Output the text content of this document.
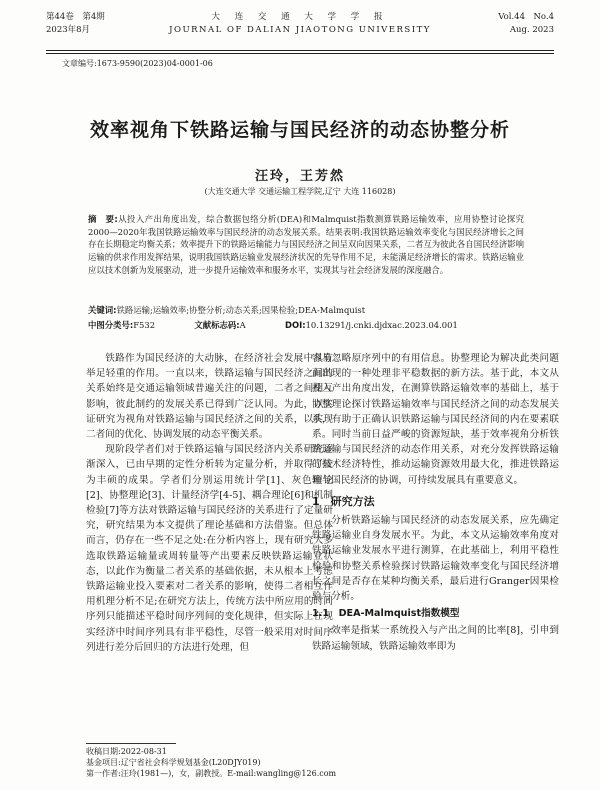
第44卷　第4期
2023年8月
大 连 交 通 大 学 学 报
JOURNAL OF DALIAN JIAOTONG UNIVERSITY
Vol.44　No.4
Aug. 2023
文章编号:1673-9590(2023)04-0001-06
效率视角下铁路运输与国民经济的动态协整分析
汪玲，王芳然
(大连交通大学 交通运输工程学院,辽宁 大连 116028)
摘　要:从投入产出角度出发，综合数据包络分析(DEA)和Malmquist指数测算铁路运输效率，应用协整讨论探究2000—2020年我国铁路运输效率与国民经济的动态发展关系。结果表明:我国铁路运输效率变化与国民经济增长之间存在长期稳定均衡关系；效率提升下的铁路运输能力与国民经济之间呈双向因果关系，二者互为彼此各自国民经济影响运输的供求作用发挥结果，说明我国铁路运输业发展经济状况的先导作用不足，未能满足经济增长的需求。铁路运输业应以技术创新为发展驱动，进一步提升运输效率和服务水平，实现其与社会经济发展的深度融合。
关键词:铁路运输;运输效率;协整分析;动态关系;因果检验;DEA-Malmquist
中图分类号:F532	文献标志码:A	DOI:10.13291/j.cnki.djdxac.2023.04.001

铁路作为国民经济的大动脉，在经济社会发展中具有举足轻重的作用。一直以来，铁路运输与国民经济之间的关系始终是交通运输领域普遍关注的问题，二者之间相互影响，彼此制约的发展关系已得到广泛认同。为此，以实证研究为视角对铁路运输与国民经济之间的关系，以实现二者间的优化、协调发展的动态平衡关系。

现阶段学者们对于铁路运输与国民经济内关系研究逐渐深入，已由早期的定性分析转为定量分析，并取得了较为丰硕的成果。学者们分别运用统计学[1]、灰色理论[2]、协整理论[3]、计量经济学[4-5]、耦合理论[6]和机制检验[7]等方法对铁路运输与国民经济的关系进行了定量研究，研究结果为本文提供了理论基础和方法借鉴。但总体而言，仍存在一些不足之处:在分析内容上，现有研究大多选取铁路运输量或周转量等产出要素反映铁路运输业状态，以此作为衡量二者关系的基础依据，未从根本上考虑铁路运输业投入要素对二者关系的影响，使得二者相互作用机理分析不足;在研究方法上，传统方法中所应用的时间序列只能描述平稳时间序列间的变化规律，但实际上在现实经济中时间序列具有非平稳性，尽管一般采用对时间序列进行差分后回归的方法进行处理，但

容易忽略原序列中的有用信息。协整理论为解决此类问题而出现的一种处理非平稳数据的新方法。基于此，本文从投入产出角度出发，在测算铁路运输效率的基础上，基于协整理论探讨铁路运输效率与国民经济之间的动态发展关系，有助于正确认识铁路运输与国民经济间的内在要素联系。同时当前日益严峻的资源短缺，基于效率视角分析铁路运输与国民经济的动态作用关系，对充分发挥铁路运输的技术经济特性，推动运输资源效用最大化，推进铁路运输与国民经济的协调，可持续发展具有重要意义。

1　研究方法

分析铁路运输与国民经济的动态发展关系，应先确定铁路运输业自身发展水平。为此，本文从运输效率角度对铁路运输业发展水平进行测算，在此基础上，利用平稳性检验和协整关系检验探讨铁路运输效率变化与国民经济增长之间是否存在某种均衡关系，最后进行Granger因果检验与分析。

1.1　DEA-Malmquist指数模型

效率是指某一系统投入与产出之间的比率[8]，引申到铁路运输领域，铁路运输效率即为

收稿日期:2022-08-31
基金项目:辽宁省社会科学规划基金(L20DJY019)
第一作者:汪玲(1981—)，女，副教授。E-mail:wangling@126.com
